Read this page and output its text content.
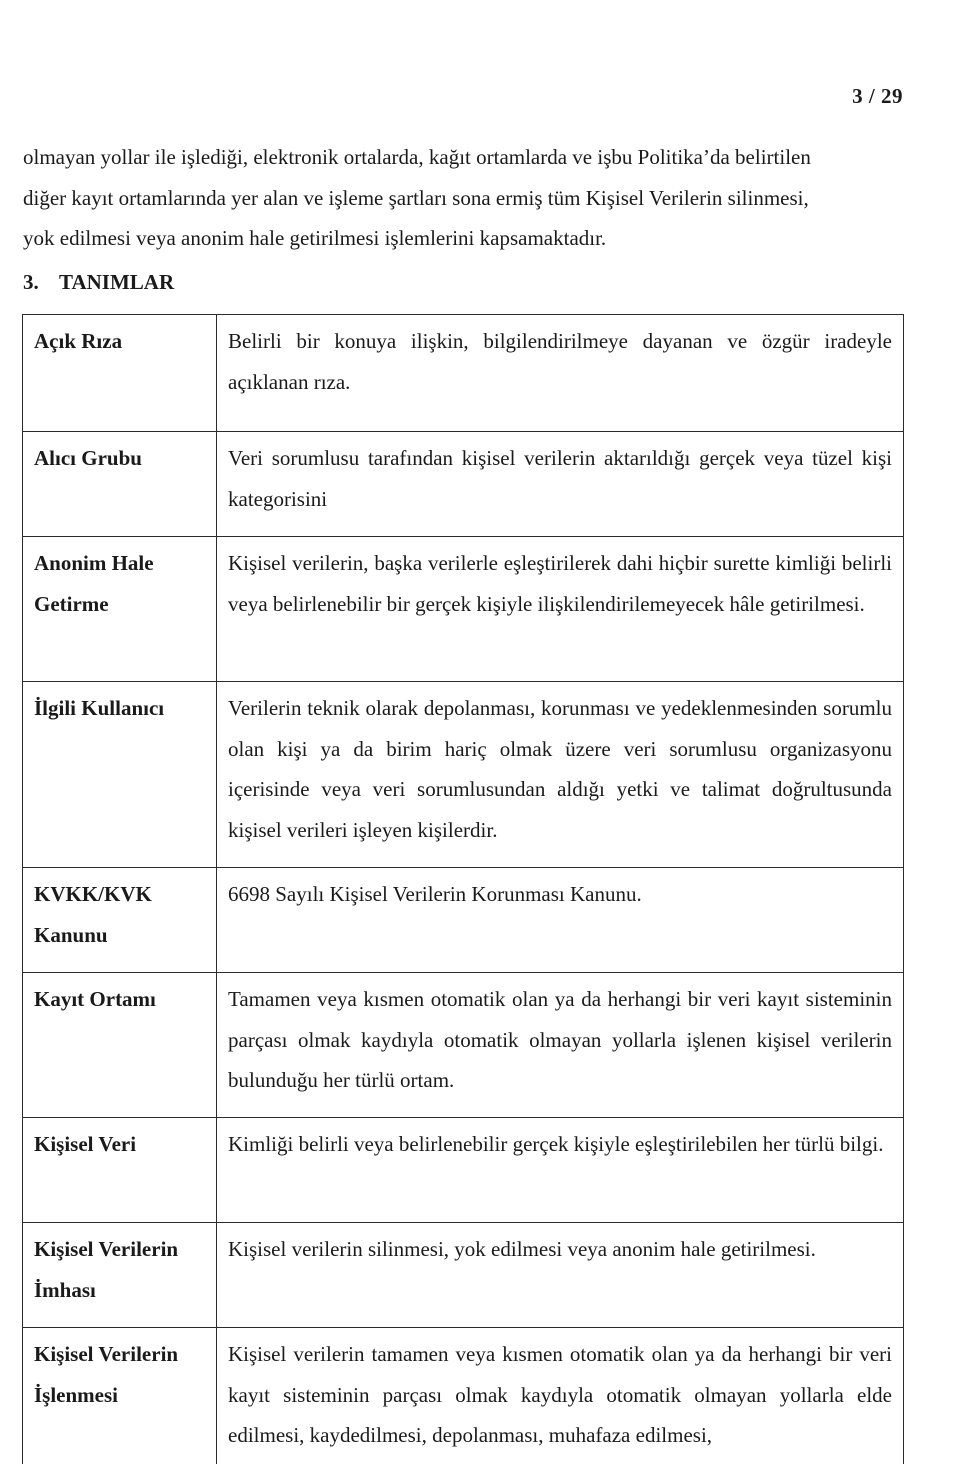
3 / 29

olmayan yollar ile işlediği, elektronik ortalarda, kağıt ortamlarda ve işbu Politika’da belirtilen
diğer kayıt ortamlarında yer alan ve işleme şartları sona ermiş tüm Kişisel Verilerin silinmesi,
yok edilmesi veya anonim hale getirilmesi işlemlerini kapsamaktadır.

3. TANIMLAR
Açık Rıza	Belirli bir konuya ilişkin, bilgilendirilmeye dayanan ve özgür iradeyle açıklanan rıza.
Alıcı Grubu	Veri sorumlusu tarafından kişisel verilerin aktarıldığı gerçek veya tüzel kişi kategorisini
Anonim Hale Getirme	Kişisel verilerin, başka verilerle eşleştirilerek dahi hiçbir surette kimliği belirli veya belirlenebilir bir gerçek kişiyle ilişkilendirilemeyecek hâle getirilmesi.
İlgili Kullanıcı	Verilerin teknik olarak depolanması, korunması ve yedeklenmesinden sorumlu olan kişi ya da birim hariç olmak üzere veri sorumlusu organizasyonu içerisinde veya veri sorumlusundan aldığı yetki ve talimat doğrultusunda kişisel verileri işleyen kişilerdir.
KVKK/KVK Kanunu	6698 Sayılı Kişisel Verilerin Korunması Kanunu.
Kayıt Ortamı	Tamamen veya kısmen otomatik olan ya da herhangi bir veri kayıt sisteminin parçası olmak kaydıyla otomatik olmayan yollarla işlenen kişisel verilerin bulunduğu her türlü ortam.
Kişisel Veri	Kimliği belirli veya belirlenebilir gerçek kişiyle eşleştirilebilen her türlü bilgi.
Kişisel Verilerin İmhası	Kişisel verilerin silinmesi, yok edilmesi veya anonim hale getirilmesi.
Kişisel Verilerin İşlenmesi	Kişisel verilerin tamamen veya kısmen otomatik olan ya da herhangi bir veri kayıt sisteminin parçası olmak kaydıyla otomatik olmayan yollarla elde edilmesi, kaydedilmesi, depolanması, muhafaza edilmesi,
